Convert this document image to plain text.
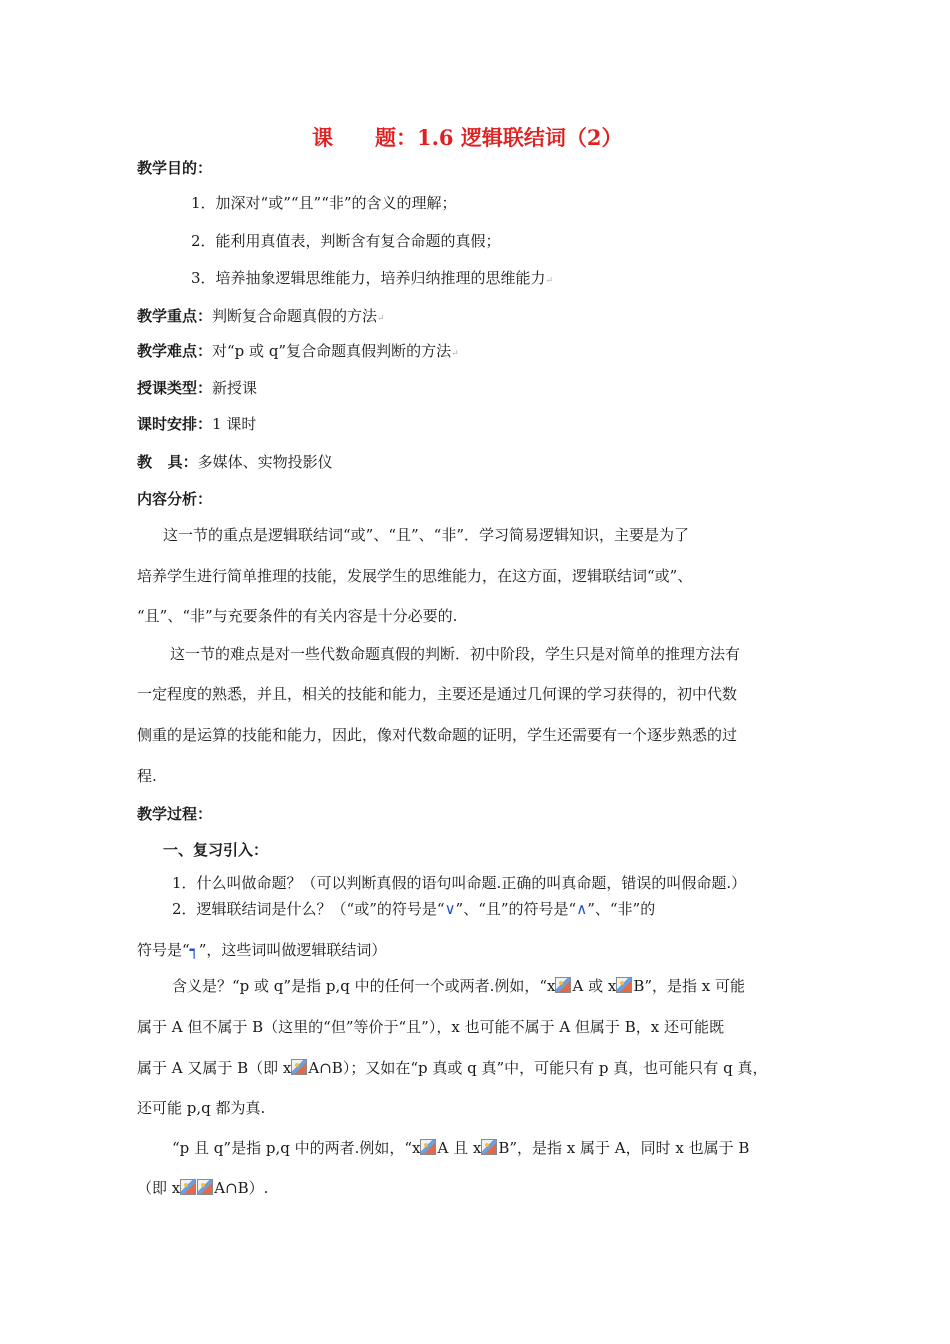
课 题：1.6 逻辑联结词（2）
教学目的：
1．加深对“或”“且”“非”的含义的理解；
2．能利用真值表，判断含有复合命题的真假；
3．培养抽象逻辑思维能力，培养归纳推理的思维能力↵
教学重点：判断复合命题真假的方法↵
教学难点：对“p 或 q”复合命题真假判断的方法↵
授课类型：新授课
课时安排：1 课时
教   具：多媒体、实物投影仪
内容分析：
这一节的重点是逻辑联结词“或”、“且”、“非”．学习简易逻辑知识，主要是为了
培养学生进行简单推理的技能，发展学生的思维能力，在这方面，逻辑联结词“或”、
“且”、“非”与充要条件的有关内容是十分必要的.
这一节的难点是对一些代数命题真假的判断．初中阶段，学生只是对简单的推理方法有
一定程度的熟悉，并且，相关的技能和能力，主要还是通过几何课的学习获得的，初中代数
侧重的是运算的技能和能力，因此，像对代数命题的证明，学生还需要有一个逐步熟悉的过
程.
教学过程：
一、复习引入：
1．什么叫做命题？（可以判断真假的语句叫命题.正确的叫真命题，错误的叫假命题.）
2．逻辑联结词是什么？（“或”的符号是“∨”、“且”的符号是“∧”、“非”的
符号是“┑”，这些词叫做逻辑联结词）
含义是？“p 或 q”是指 p,q 中的任何一个或两者.例如，“x A 或 x B”，是指 x 可能
属于 A 但不属于 B（这里的“但”等价于“且”），x 也可能不属于 A 但属于 B，x 还可能既
属于 A 又属于 B（即 x A∩B）；又如在“p 真或 q 真”中，可能只有 p 真，也可能只有 q 真，
还可能 p,q 都为真.
“p 且 q”是指 p,q 中的两者.例如，“x A 且 x B”，是指 x 属于 A，同时 x 也属于 B
（即 x A∩B）.
